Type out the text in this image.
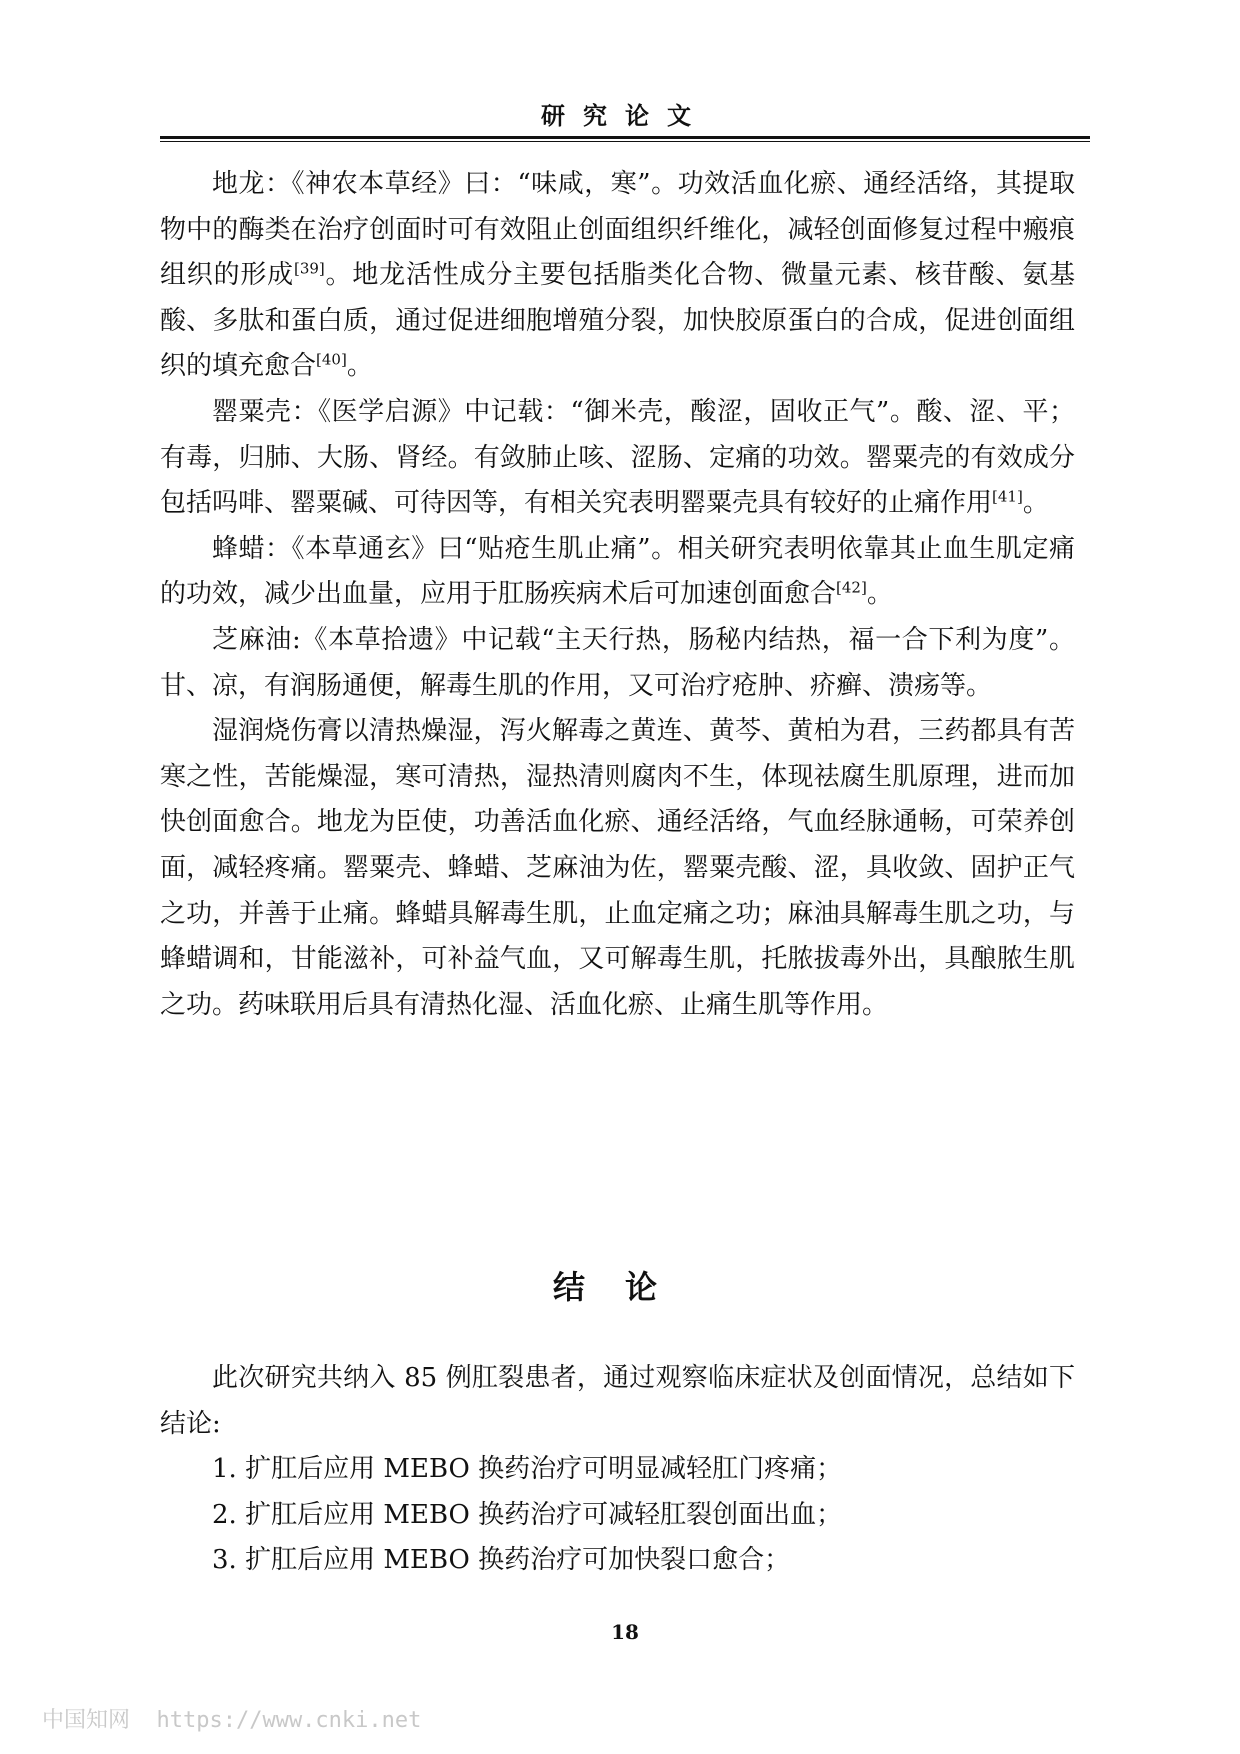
研究论文

地龙：《神农本草经》曰：“味咸，寒”。功效活血化瘀、通经活络，其提取物中的酶类在治疗创面时可有效阻止创面组织纤维化，减轻创面修复过程中瘢痕组织的形成[39]。地龙活性成分主要包括脂类化合物、微量元素、核苷酸、氨基酸、多肽和蛋白质，通过促进细胞增殖分裂，加快胶原蛋白的合成，促进创面组织的填充愈合[40]。

罂粟壳：《医学启源》中记载：“御米壳，酸涩，固收正气”。酸、涩、平；有毒，归肺、大肠、肾经。有敛肺止咳、涩肠、定痛的功效。罂粟壳的有效成分包括吗啡、罂粟碱、可待因等，有相关究表明罂粟壳具有较好的止痛作用[41]。

蜂蜡：《本草通玄》曰“贴疮生肌止痛”。相关研究表明依靠其止血生肌定痛的功效，减少出血量，应用于肛肠疾病术后可加速创面愈合[42]。

芝麻油:《本草拾遗》中记载“主天行热，肠秘内结热，福一合下利为度”。甘、凉，有润肠通便，解毒生肌的作用，又可治疗疮肿、疥癣、溃疡等。

湿润烧伤膏以清热燥湿，泻火解毒之黄连、黄芩、黄柏为君，三药都具有苦寒之性，苦能燥湿，寒可清热，湿热清则腐肉不生，体现祛腐生肌原理，进而加快创面愈合。地龙为臣使，功善活血化瘀、通经活络，气血经脉通畅，可荣养创面，减轻疼痛。罂粟壳、蜂蜡、芝麻油为佐，罂粟壳酸、涩，具收敛、固护正气之功，并善于止痛。蜂蜡具解毒生肌，止血定痛之功；麻油具解毒生肌之功，与蜂蜡调和，甘能滋补，可补益气血，又可解毒生肌，托脓拔毒外出，具酿脓生肌之功。药味联用后具有清热化湿、活血化瘀、止痛生肌等作用。

结论

此次研究共纳入 85 例肛裂患者，通过观察临床症状及创面情况，总结如下结论:

1. 扩肛后应用 MEBO 换药治疗可明显减轻肛门疼痛；

2. 扩肛后应用 MEBO 换药治疗可减轻肛裂创面出血；

3. 扩肛后应用 MEBO 换药治疗可加快裂口愈合；

18
中国知网  https://www.cnki.net
